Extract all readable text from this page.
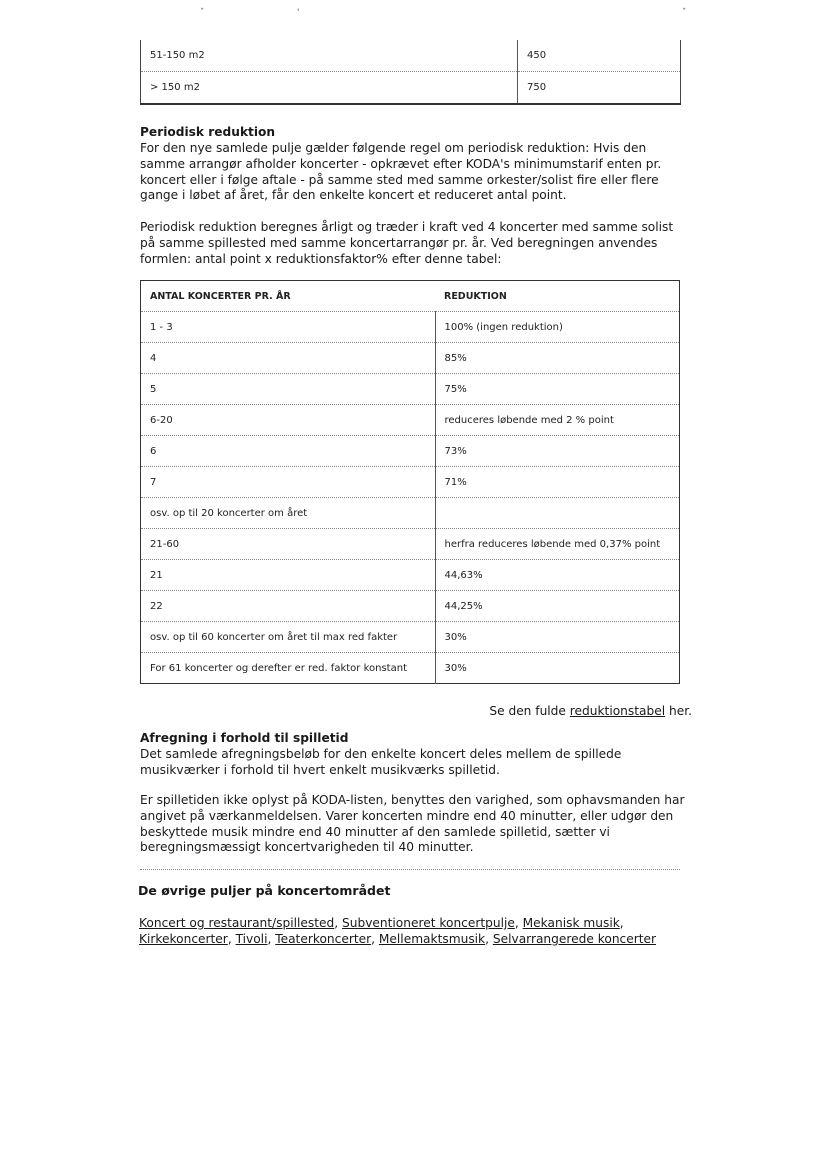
ˇ	'	ˇ
51-150 m2	450
> 150 m2	750

Periodisk reduktion

For den nye samlede pulje gælder følgende regel om periodisk reduktion: Hvis den samme arrangør afholder koncerter - opkrævet efter KODA's minimumstarif enten pr. koncert eller i følge aftale - på samme sted med samme orkester/solist fire eller flere gange i løbet af året, får den enkelte koncert et reduceret antal point.

Periodisk reduktion beregnes årligt og træder i kraft ved 4 koncerter med samme solist på samme spillested med samme koncertarrangør pr. år. Ved beregningen anvendes formlen: antal point x reduktionsfaktor% efter denne tabel:

ANTAL KONCERTER PR. ÅR	REDUKTION
1 - 3	100% (ingen reduktion)
4	85%
5	75%
6-20	reduceres løbende med 2 % point
6	73%
7	71%
osv. op til 20 koncerter om året	
21-60	herfra reduceres løbende med 0,37% point
21	44,63%
22	44,25%
osv. op til 60 koncerter om året til max red fakter	30%
For 61 koncerter og derefter er red. faktor konstant	30%

Se den fulde reduktionstabel her.

Afregning i forhold til spilletid

Det samlede afregningsbeløb for den enkelte koncert deles mellem de spillede musikværker i forhold til hvert enkelt musikværks spilletid.

Er spilletiden ikke oplyst på KODA-listen, benyttes den varighed, som ophavsmanden har angivet på værkanmeldelsen. Varer koncerten mindre end 40 minutter, eller udgør den beskyttede musik mindre end 40 minutter af den samlede spilletid, sætter vi beregningsmæssigt koncertvarigheden til 40 minutter.

De øvrige puljer på koncertområdet

Koncert og restaurant/spillested, Subventioneret koncertpulje, Mekanisk musik,
Kirkekoncerter, Tivoli, Teaterkoncerter, Mellemaktsmusik, Selvarrangerede koncerter
